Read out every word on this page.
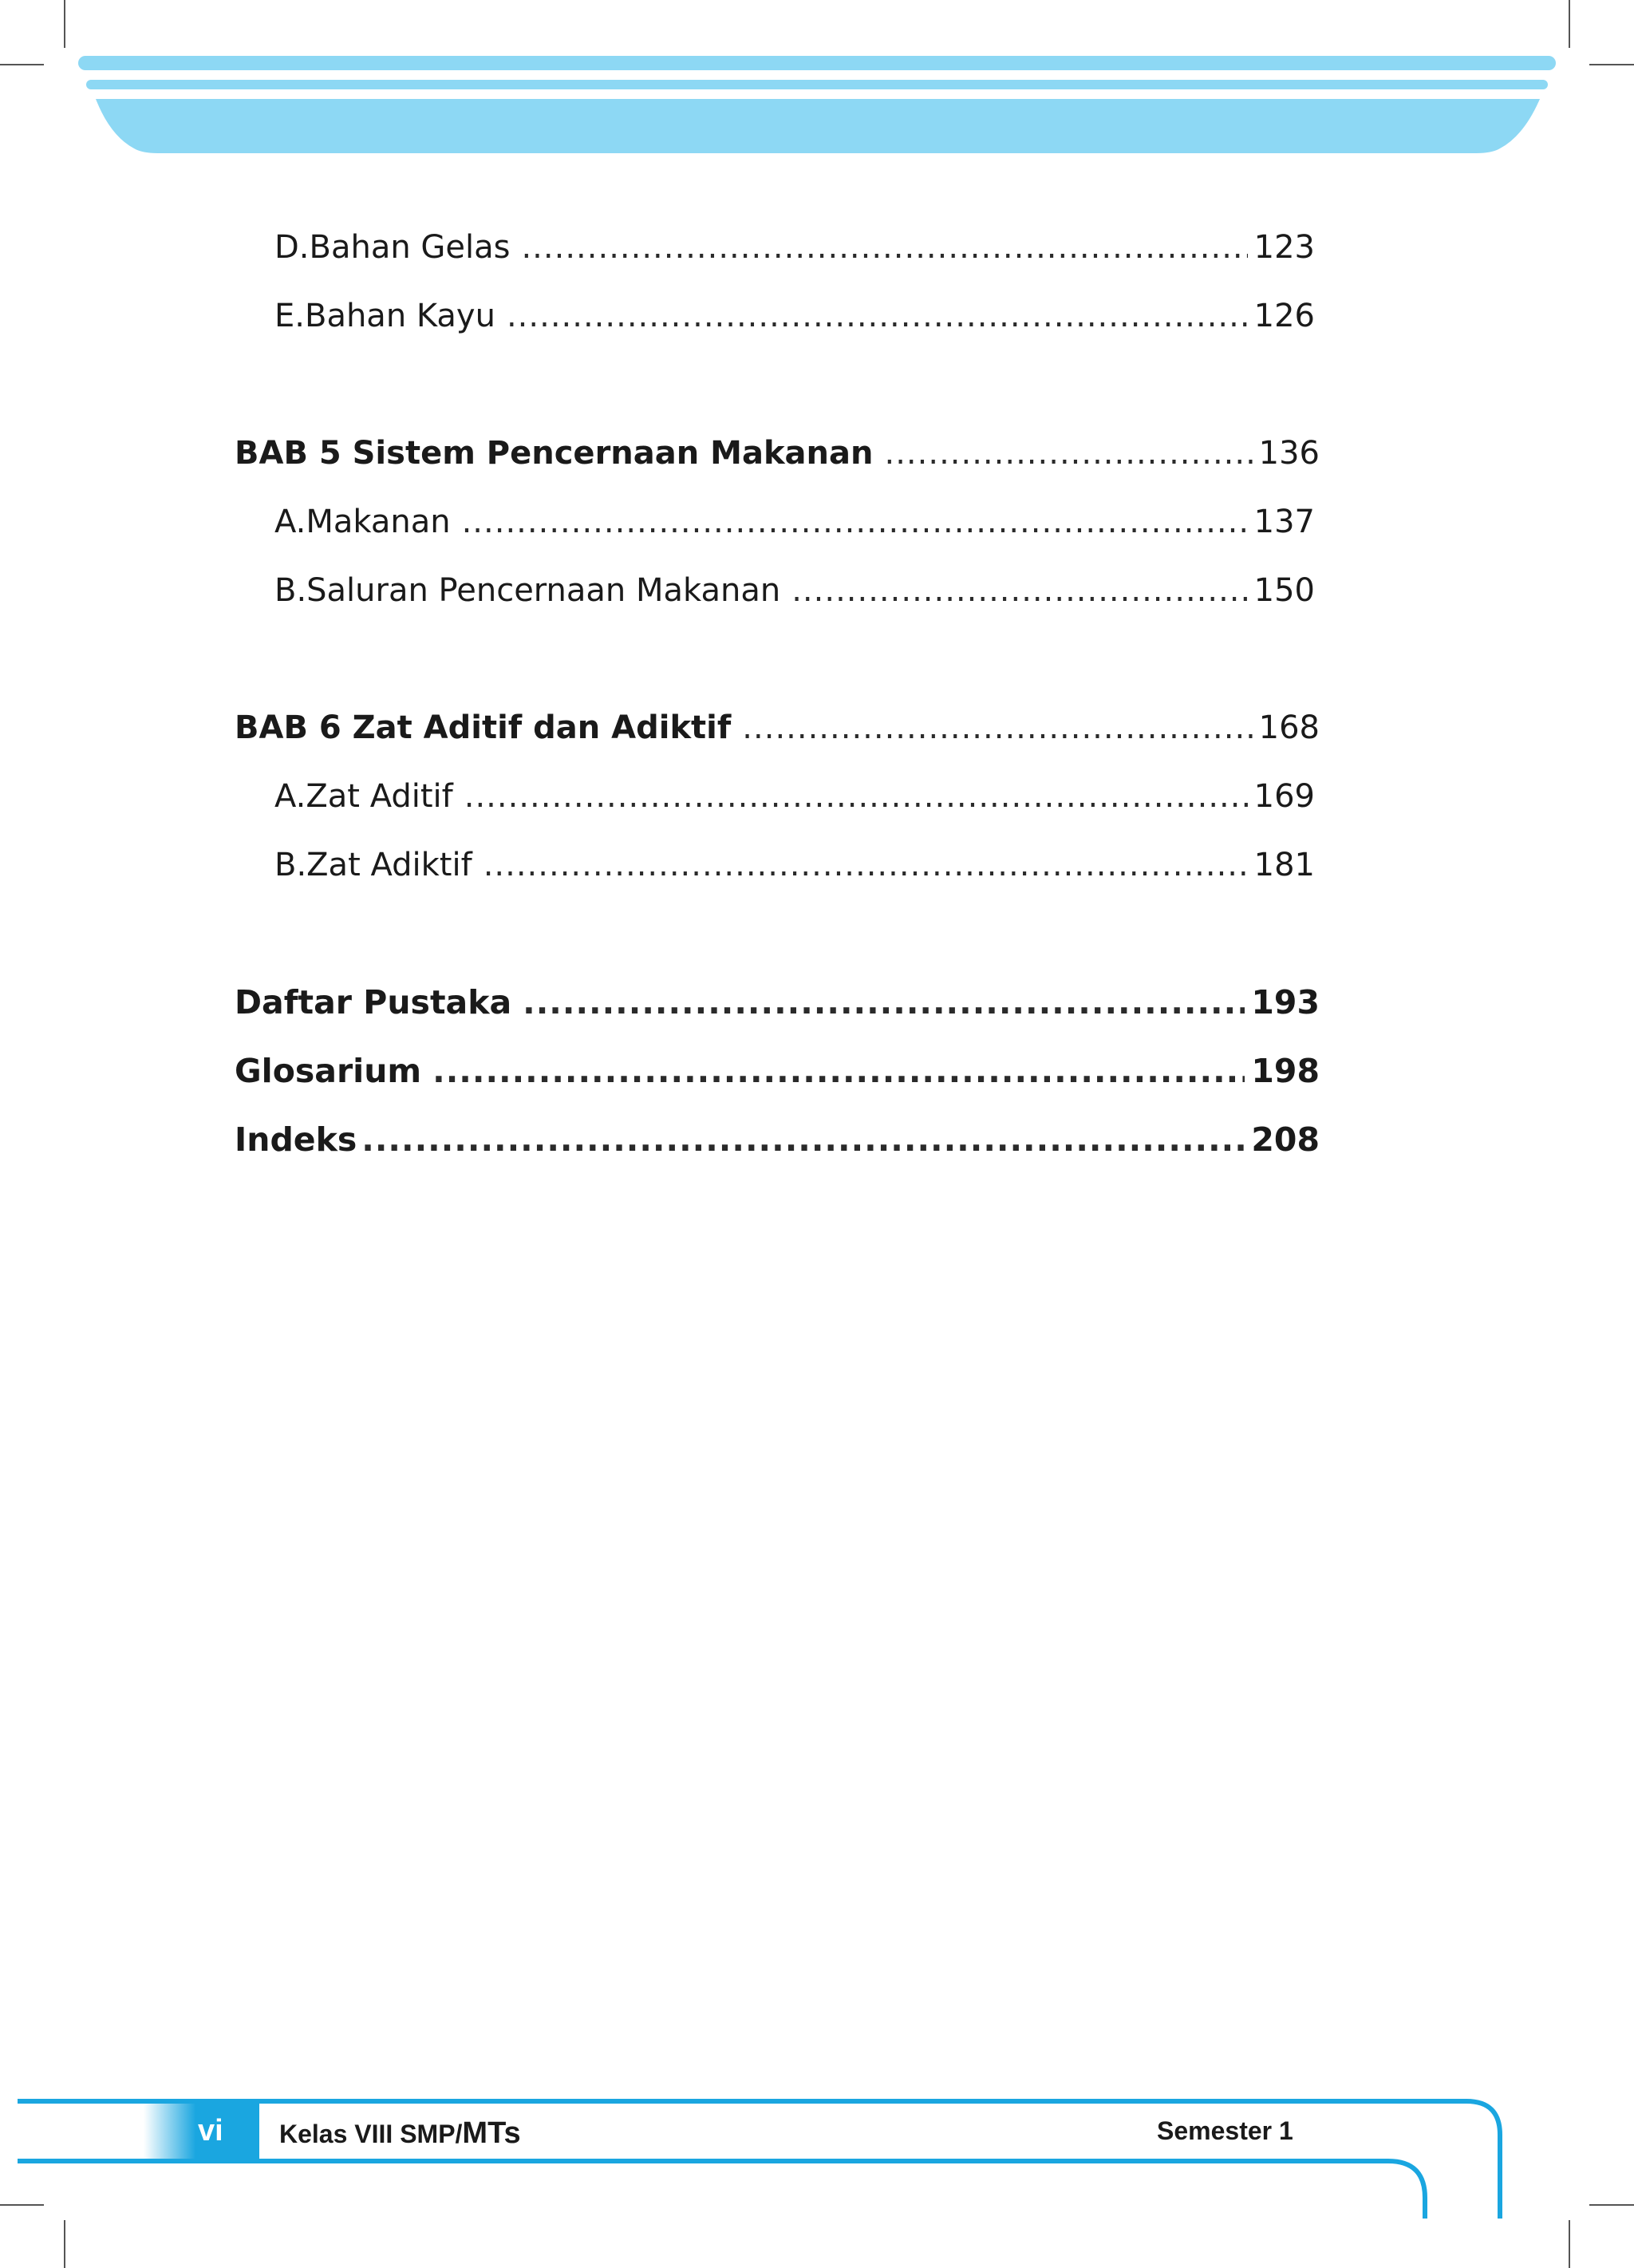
D. Bahan Gelas .....	123
E. Bahan Kayu .....	126
BAB 5 Sistem Pencernaan Makanan .....	136
A. Makanan .....	137
B. Saluran Pencernaan Makanan .....	150
BAB 6 Zat Aditif dan Adiktif .....	168
A. Zat Aditif .....	169
B. Zat Adiktif .....	181
Daftar Pustaka .....	193
Glosarium .....	198
Indeks .....	208
vi Kelas VIII SMP/MTs	Semester 1
